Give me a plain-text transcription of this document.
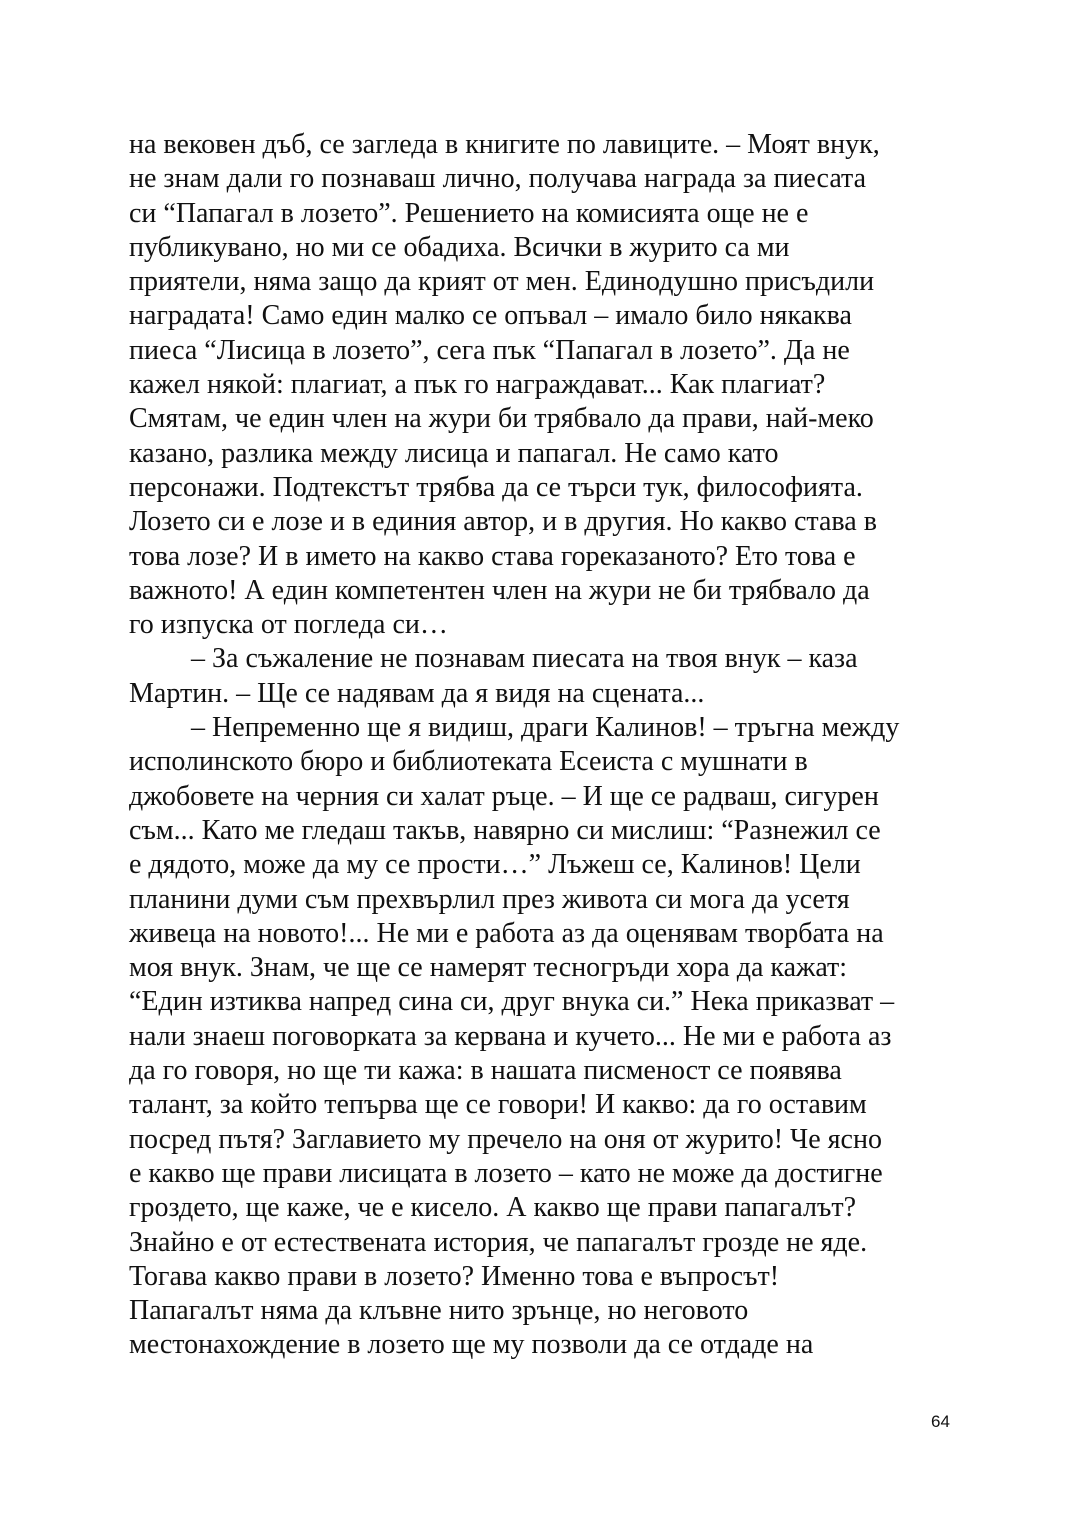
на вековен дъб, се загледа в книгите по лавиците. – Моят внук,
не знам дали го познаваш лично, получава награда за пиесата
си “Папагал в лозето”. Решението на комисията още не е
публикувано, но ми се обадиха. Всички в журито са ми
приятели, няма защо да крият от мен. Единодушно присъдили
наградата! Само един малко се опъвал – имало било някаква
пиеса “Лисица в лозето”, сега пък “Папагал в лозето”. Да не
кажел някой: плагиат, а пък го награждават... Как плагиат?
Смятам, че един член на жури би трябвало да прави, най-меко
казано, разлика между лисица и папагал. Не само като
персонажи. Подтекстът трябва да се търси тук, философията.
Лозето си е лозе и в единия автор, и в другия. Но какво става в
това лозе? И в името на какво става горeказаното? Ето това е
важното! А един компетентен член на жури не би трябвало да
го изпуска от погледа си…
– За съжаление не познавам пиесата на твоя внук – каза
Мартин. – Ще се надявам да я видя на сцената...
– Непременно ще я видиш, драги Калинов! – тръгна между
исполинското бюро и библиотеката Есеиста с мушнати в
джобовете на черния си халат ръце. – И ще се радваш, сигурен
съм... Като ме гледаш такъв, навярно си мислиш: “Разнежил се
е дядото, може да му се прости…” Лъжеш се, Калинов! Цели
планини думи съм прехвърлил през живота си мога да усетя
живеца на новото!... Не ми е работа аз да оценявам творбата на
моя внук. Знам, че ще се намерят тесногръди хора да кажат:
“Един изтиква напред сина си, друг внука си.” Нека приказват –
нали знаеш поговорката за кервана и кучето... Не ми е работа аз
да го говоря, но ще ти кажа: в нашата писменост се появява
талант, за който тепърва ще се говори! И какво: да го оставим
посред пътя? Заглавието му пречело на оня от журито! Че ясно
е какво ще прави лисицата в лозето – като не може да достигне
гроздето, ще каже, че е кисело. А какво ще прави папагалът?
Знайно е от естествената история, че папагалът грозде не яде.
Тогава какво прави в лозето? Именно това е въпросът!
Папагалът няма да клъвне нито зрънце, но неговото
местонахождение в лозето ще му позволи да се отдаде на
64
